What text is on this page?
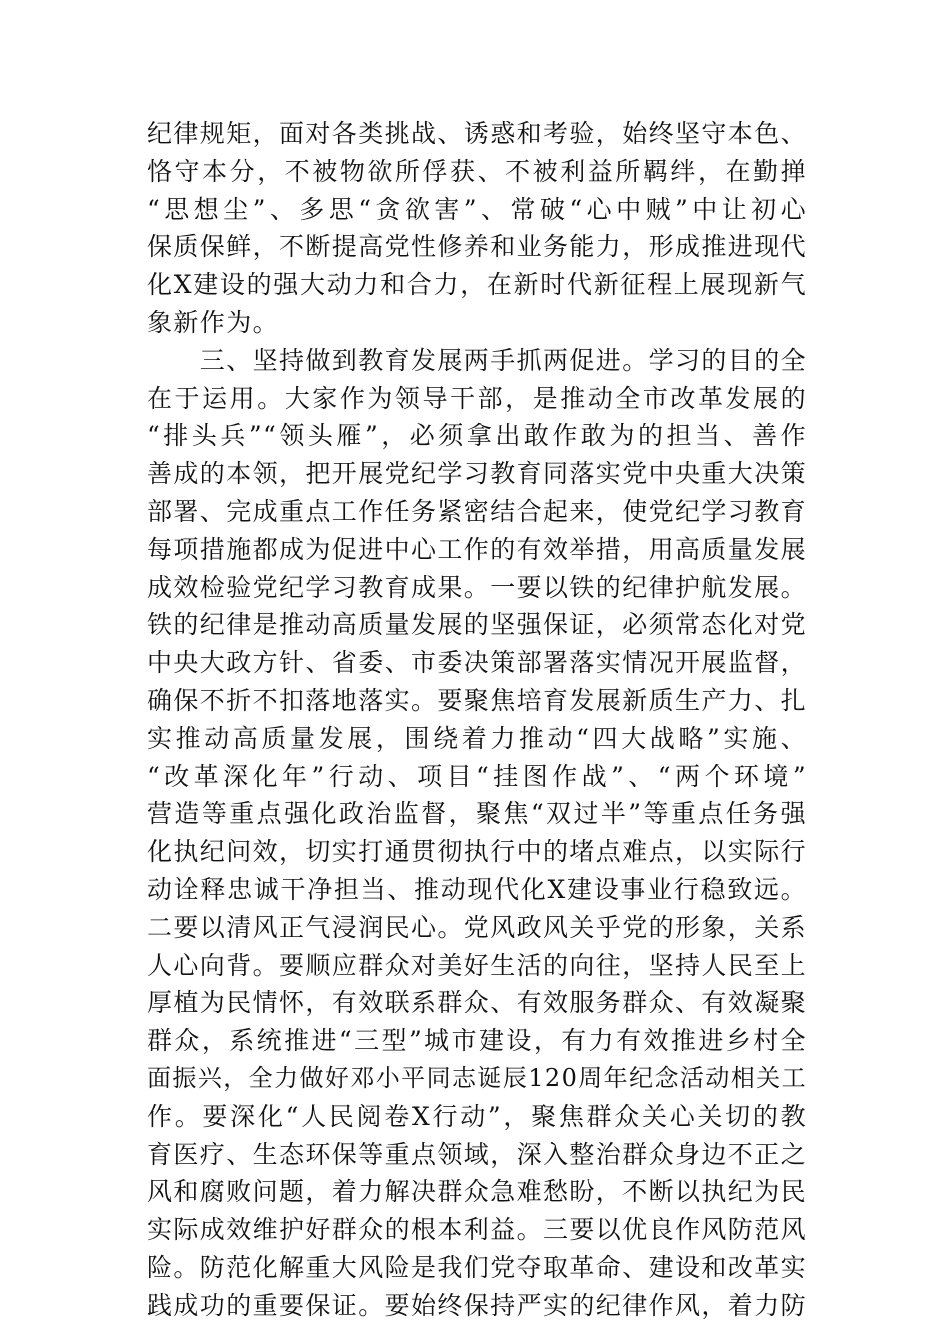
纪律规矩，面对各类挑战、诱惑和考验，始终坚守本色、
恪守本分，不被物欲所俘获、不被利益所羁绊，在勤掸
“思想尘”、多思“贪欲害”、常破“心中贼”中让初心
保质保鲜，不断提高党性修养和业务能力，形成推进现代
化X建设的强大动力和合力，在新时代新征程上展现新气
象新作为。
　　三、坚持做到教育发展两手抓两促进。学习的目的全
在于运用。大家作为领导干部，是推动全市改革发展的
“排头兵”“领头雁”，必须拿出敢作敢为的担当、善作
善成的本领，把开展党纪学习教育同落实党中央重大决策
部署、完成重点工作任务紧密结合起来，使党纪学习教育
每项措施都成为促进中心工作的有效举措，用高质量发展
成效检验党纪学习教育成果。一要以铁的纪律护航发展。
铁的纪律是推动高质量发展的坚强保证，必须常态化对党
中央大政方针、省委、市委决策部署落实情况开展监督，
确保不折不扣落地落实。要聚焦培育发展新质生产力、扎
实推动高质量发展，围绕着力推动“四大战略”实施、
“改革深化年”行动、项目“挂图作战”、“两个环境”
营造等重点强化政治监督，聚焦“双过半”等重点任务强
化执纪问效，切实打通贯彻执行中的堵点难点，以实际行
动诠释忠诚干净担当、推动现代化X建设事业行稳致远。
二要以清风正气浸润民心。党风政风关乎党的形象，关系
人心向背。要顺应群众对美好生活的向往，坚持人民至上
厚植为民情怀，有效联系群众、有效服务群众、有效凝聚
群众，系统推进“三型”城市建设，有力有效推进乡村全
面振兴，全力做好邓小平同志诞辰120周年纪念活动相关工
作。要深化“人民阅卷X行动”，聚焦群众关心关切的教
育医疗、生态环保等重点领域，深入整治群众身边不正之
风和腐败问题，着力解决群众急难愁盼，不断以执纪为民
实际成效维护好群众的根本利益。三要以优良作风防范风
险。防范化解重大风险是我们党夺取革命、建设和改革实
践成功的重要保证。要始终保持严实的纪律作风，着力防
